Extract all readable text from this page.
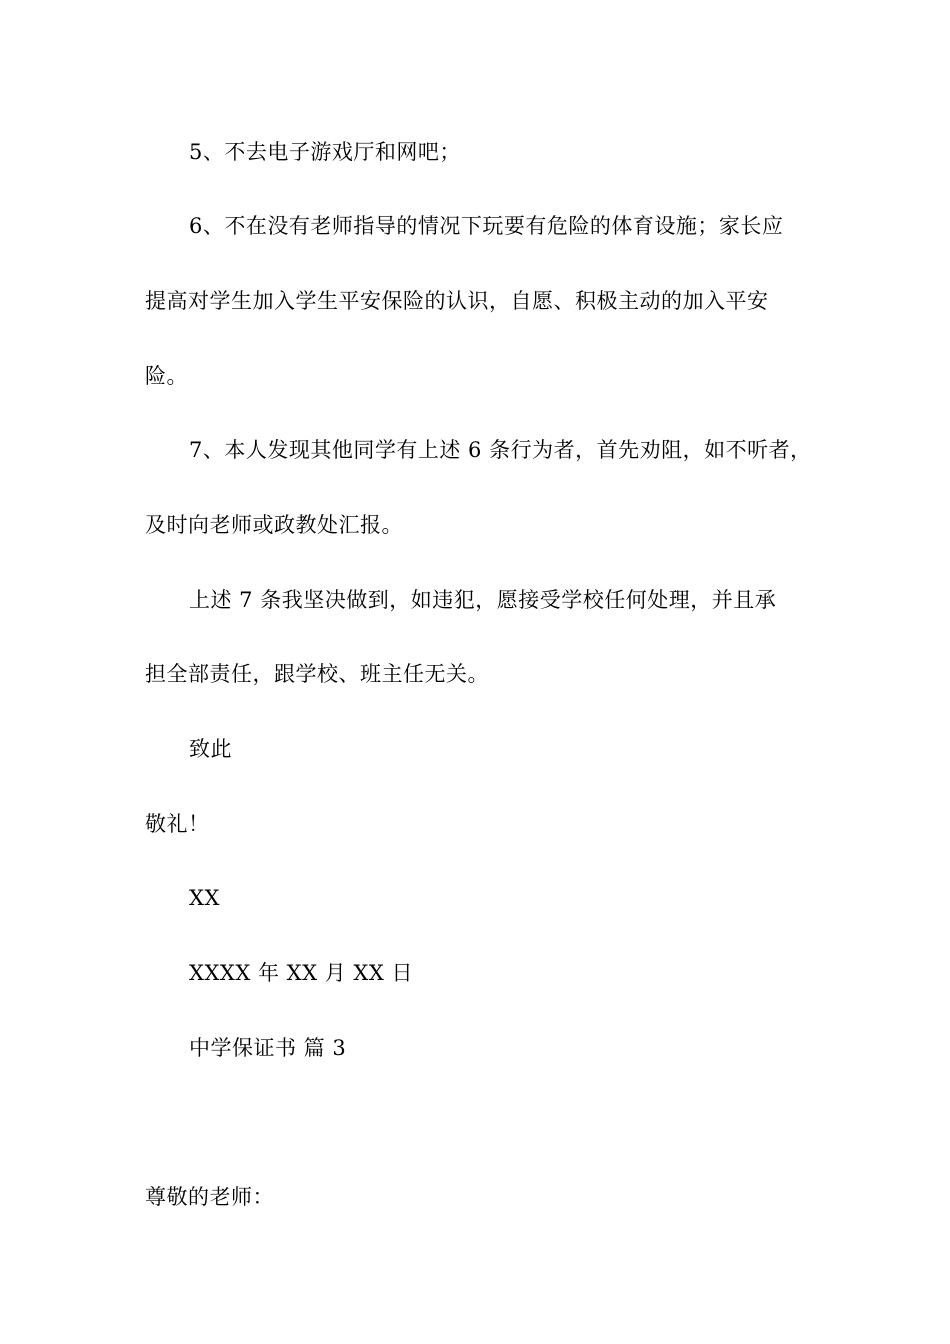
5、不去电子游戏厅和网吧；
6、不在没有老师指导的情况下玩要有危险的体育设施；家长应
提高对学生加入学生平安保险的认识，自愿、积极主动的加入平安
险。
7、本人发现其他同学有上述 6 条行为者，首先劝阻，如不听者，
及时向老师或政教处汇报。
上述 7 条我坚决做到，如违犯，愿接受学校任何处理，并且承
担全部责任，跟学校、班主任无关。
致此
敬礼！
XX
XXXX 年 XX 月 XX 日
中学保证书 篇 3
尊敬的老师：
